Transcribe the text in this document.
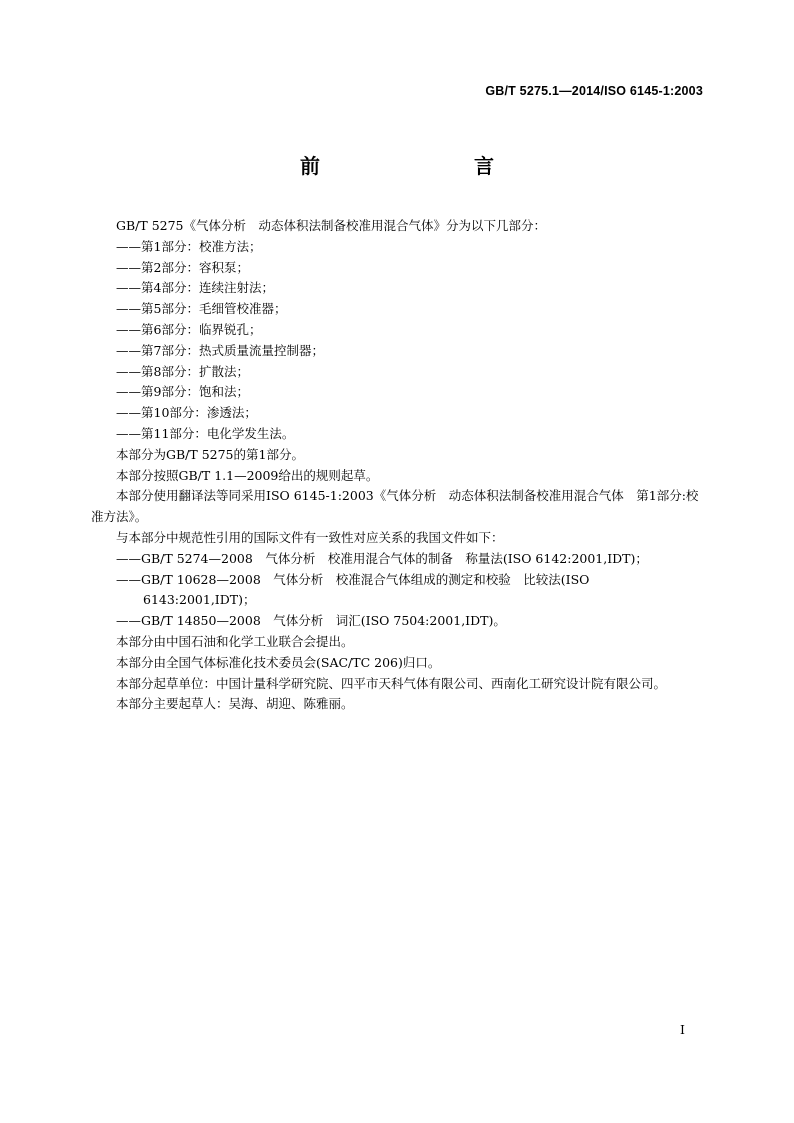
GB/T 5275.1—2014/ISO 6145-1:2003
前　　言

GB/T 5275《气体分析　动态体积法制备校准用混合气体》分为以下几部分：

——第1部分：校准方法；

——第2部分：容积泵；

——第4部分：连续注射法；

——第5部分：毛细管校准器；

——第6部分：临界锐孔；

——第7部分：热式质量流量控制器；

——第8部分：扩散法；

——第9部分：饱和法；

——第10部分：渗透法；

——第11部分：电化学发生法。

本部分为GB/T 5275的第1部分。

本部分按照GB/T 1.1—2009给出的规则起草。

本部分使用翻译法等同采用ISO 6145-1:2003《气体分析　动态体积法制备校准用混合气体　第1部分:校准方法》。

与本部分中规范性引用的国际文件有一致性对应关系的我国文件如下：

——GB/T 5274—2008　气体分析　校准用混合气体的制备　称量法(ISO 6142:2001,IDT)；

——GB/T 10628—2008　气体分析　校准混合气体组成的测定和校验　比较法(ISO 6143:2001,IDT)；

——GB/T 14850—2008　气体分析　词汇(ISO 7504:2001,IDT)。

本部分由中国石油和化学工业联合会提出。

本部分由全国气体标准化技术委员会(SAC/TC 206)归口。

本部分起草单位：中国计量科学研究院、四平市天科气体有限公司、西南化工研究设计院有限公司。

本部分主要起草人：吴海、胡迎、陈雅丽。

I
